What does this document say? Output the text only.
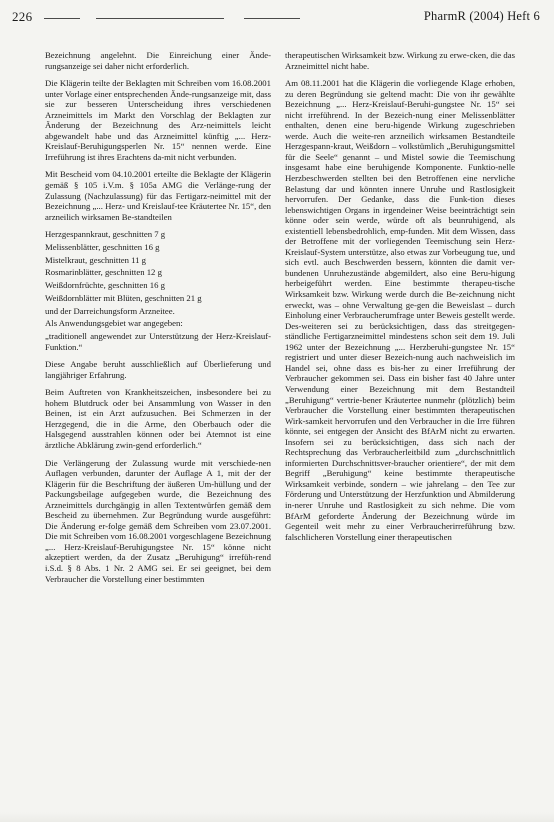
226	PharmR (2004) Heft 6

Bezeichnung angelehnt. Die Einreichung einer Ände-rungsanzeige sei daher nicht erforderlich.

Die Klägerin teilte der Beklagten mit Schreiben vom 16.08.2001 unter Vorlage einer entsprechenden Ände-rungsanzeige mit, dass sie zur besseren Unterscheidung ihres verschiedenen Arzneimittels im Markt den Vorschlag der Beklagten zur Änderung der Bezeichnung des Arz-neimittels leicht abgewandelt habe und das Arzneimittel künftig „... Herz-Kreislauf-Beruhigungsperlen Nr. 15“ nennen werde. Eine Irreführung ist ihres Erachtens da-mit nicht verbunden.

Mit Bescheid vom 04.10.2001 erteilte die Beklagte der Klägerin gemäß § 105 i.V.m. § 105a AMG die Verlänge-rung der Zulassung (Nachzulassung) für das Fertigarz-neimittel mit der Bezeichnung „... Herz- und Kreislauf-tee Kräutertee Nr. 15“, den arzneilich wirksamen Be-standteilen

Herzgespannkraut, geschnitten 7 g

Melissenblätter, geschnitten 16 g

Mistelkraut, geschnitten 11 g

Rosmarinblätter, geschnitten 12 g

Weißdornfrüchte, geschnitten 16 g

Weißdornblätter mit Blüten, geschnitten 21 g

und der Darreichungsform Arzneitee.

Als Anwendungsgebiet war angegeben:

„traditionell angewendet zur Unterstützung der Herz-Kreislauf-Funktion.“

Diese Angabe beruht ausschließlich auf Überlieferung und langjähriger Erfahrung.

Beim Auftreten von Krankheitszeichen, insbesondere bei zu hohem Blutdruck oder bei Ansammlung von Wasser in den Beinen, ist ein Arzt aufzusuchen. Bei Schmerzen in der Herzgegend, die in die Arme, den Oberbauch oder die Halsgegend ausstrahlen können oder bei Atemnot ist eine ärztliche Abklärung zwin-gend erforderlich.“

Die Verlängerung der Zulassung wurde mit verschiede-nen Auflagen verbunden, darunter der Auflage A 1, mit der der Klägerin für die Beschriftung der äußeren Um-hüllung und der Packungsbeilage aufgegeben wurde, die Bezeichnung des Arzneimittels durchgängig in allen Textentwürfen gemäß dem Bescheid zu übernehmen. Zur Begründung wurde ausgeführt: Die Änderung er-folge gemäß dem Schreiben vom 23.07.2001. Die mit Schreiben vom 16.08.2001 vorgeschlagene Bezeichnung „... Herz-Kreislauf-Beruhigungstee Nr. 15“ könne nicht akzeptiert werden, da der Zusatz „Beruhigung“ irrefüh-rend i.S.d. § 8 Abs. 1 Nr. 2 AMG sei. Er sei geeignet, bei dem Verbraucher die Vorstellung einer bestimmten

therapeutischen Wirksamkeit bzw. Wirkung zu erwe-cken, die das Arzneimittel nicht habe.

Am 08.11.2001 hat die Klägerin die vorliegende Klage erhoben, zu deren Begründung sie geltend macht: Die von ihr gewählte Bezeichnung „... Herz-Kreislauf-Beruhi-gungstee Nr. 15“ sei nicht irreführend. In der Bezeich-nung einer Melissenblätter enthalten, denen eine beru-higende Wirkung zugeschrieben werde. Auch die weite-ren arzneilich wirksamen Bestandteile Herzgespann-kraut, Weißdorn – volkstümlich „Beruhigungsmittel für die Seele“ genannt – und Mistel sowie die Teemischung insgesamt habe eine beruhigende Komponente. Funktio-nelle Herzbeschwerden stellten bei den Betroffenen eine nervliche Belastung dar und könnten innere Unruhe und Rastlosigkeit hervorrufen. Der Gedanke, dass die Funk-tion dieses lebenswichtigen Organs in irgendeiner Weise beeinträchtigt sein könne oder sein werde, würde oft als beunruhigend, als existentiell lebensbedrohlich, emp-funden. Mit dem Wissen, dass der Betroffene mit der vorliegenden Teemischung sein Herz-Kreislauf-System unterstütze, also etwas zur Vorbeugung tue, und sich evtl. auch Beschwerden bessern, könnten die damit ver-bundenen Unruhezustände abgemildert, also eine Beru-higung herbeigeführt werden. Eine bestimmte therapeu-tische Wirksamkeit bzw. Wirkung werde durch die Be-zeichnung nicht erweckt, was – ohne Verwaltung ge-gen die Beweislast – durch Einholung einer Verbraucherumfrage unter Beweis gestellt werde. Des-weiteren sei zu berücksichtigen, dass das streitgegen-ständliche Fertigarzneimittel mindestens schon seit dem 19. Juli 1962 unter der Bezeichnung „... Herzberuhi-gungstee Nr. 15“ registriert und unter dieser Bezeich-nung auch nachweislich im Handel sei, ohne dass es bis-her zu einer Irreführung der Verbraucher gekommen sei. Dass ein bisher fast 40 Jahre unter Verwendung einer Bezeichnung mit dem Bestandteil „Beruhigung“ vertrie-bener Kräutertee nunmehr (plötzlich) beim Verbraucher die Vorstellung einer bestimmten therapeutischen Wirk-samkeit hervorrufen und den Verbraucher in die Irre führen könnte, sei entgegen der Ansicht des BfArM nicht zu erwarten. Insofern sei zu berücksichtigen, dass sich nach der Rechtsprechung das Verbraucherleitbild zum „durchschnittlich informierten Durchschnittsver-braucher orientiere“, der mit dem Begriff „Beruhigung“ keine bestimmte therapeutische Wirksamkeit verbinde, sondern – wie jahrelang – den Tee zur Förderung und Unterstützung der Herzfunktion und Abmilderung in-nerer Unruhe und Rastlosigkeit zu sich nehme. Die vom BfArM geforderte Änderung der Bezeichnung würde im Gegenteil weit mehr zu einer Verbraucherirreführung bzw. falschlicheren Vorstellung einer therapeutischen
